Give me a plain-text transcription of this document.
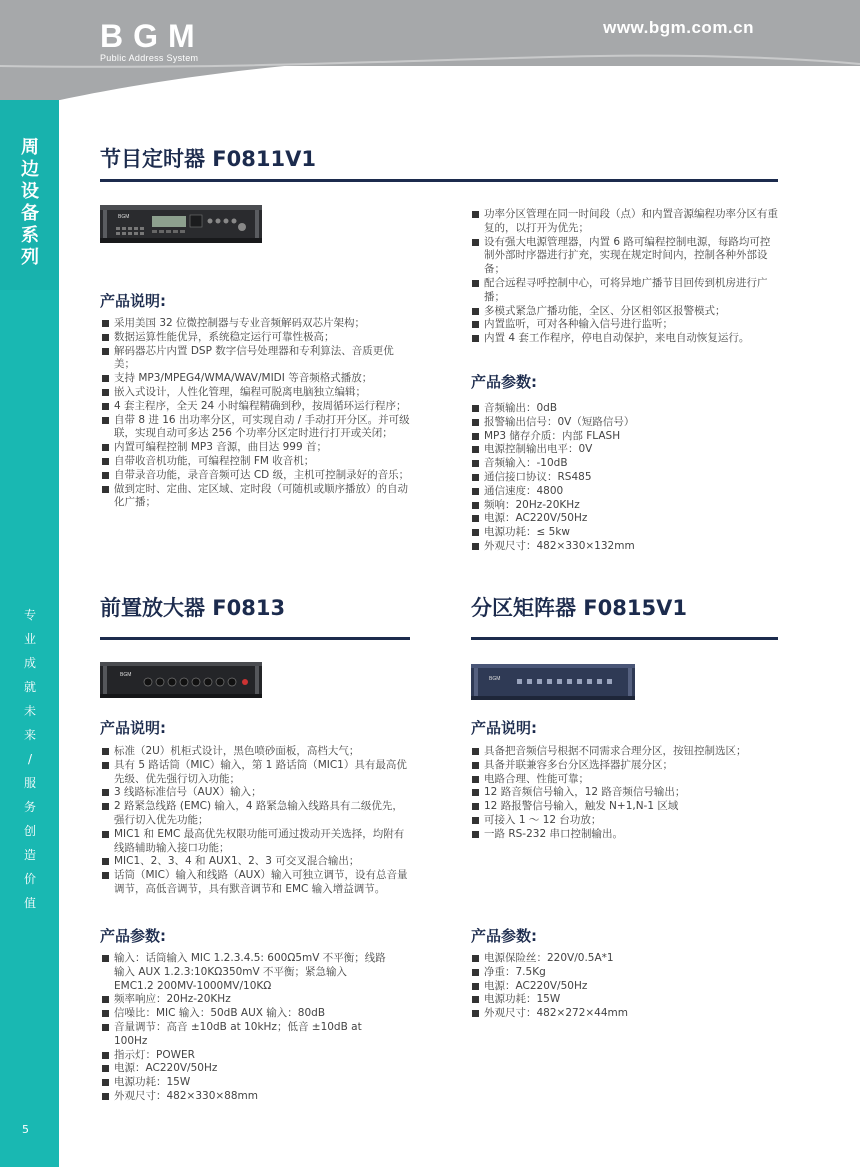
BGM
Public Address System
www.bgm.com.cn
周
边
设
备
系
列
专
业
成
就
未
来
/
服
务
创
造
价
值
5
节目定时器 F0811V1
BGM
产品说明:
采用美国 32 位微控制器与专业音频解码双芯片架构；
数据运算性能优异，系统稳定运行可靠性极高；
解码器芯片内置 DSP 数字信号处理器和专利算法、音质更优美；
支持 MP3/MPEG4/WMA/WAV/MIDI 等音频格式播放；
嵌入式设计，人性化管理，编程可脱离电脑独立编辑；
4 套主程序，全天 24 小时编程精确到秒，按周循环运行程序；
自带 8 进 16 出功率分区，可实现自动 / 手动打开分区。并可级联，实现自动可多达 256 个功率分区定时进行打开或关闭；
内置可编程控制 MP3 音源，曲目达 999 首；
自带收音机功能，可编程控制 FM 收音机；
自带录音功能，录音音频可达 CD 级，主机可控制录好的音乐；
做到定时、定曲、定区域、定时段（可随机或顺序播放）的自动化广播；
功率分区管理在同一时间段（点）和内置音源编程功率分区有重复的，以打开为优先；
设有强大电源管理器，内置 6 路可编程控制电源，每路均可控制外部时序器进行扩充，实现在规定时间内，控制各种外部设备；
配合远程寻呼控制中心，可将异地广播节目回传到机房进行广播；
多模式紧急广播功能，全区、分区相邻区报警模式；
内置监听，可对各种输入信号进行监听；
内置 4 套工作程序，停电自动保护，来电自动恢复运行。
产品参数:
音频输出：0dB
报警输出信号：0V（短路信号）
MP3 储存介质：内部 FLASH
电源控制输出电平：0V
音频输入：-10dB
通信接口协议：RS485
通信速度：4800
频响：20Hz-20KHz
电源：AC220V/50Hz
电源功耗：≤ 5kw
外观尺寸：482×330×132mm
前置放大器 F0813
BGM
产品说明:
标准（2U）机柜式设计，黑色喷砂面板，高档大气；
具有 5 路话筒（MIC）输入，第 1 路话筒（MIC1）具有最高优先级、优先强行切入功能；
3 线路标准信号（AUX）输入；
2 路紧急线路 (EMC) 输入，4 路紧急输入线路具有二级优先，强行切入优先功能；
MIC1 和 EMC 最高优先权限功能可通过拨动开关选择，均附有线路辅助输入接口功能；
MIC1、2、3、4 和 AUX1、2、3 可交叉混合输出；
话筒（MIC）输入和线路（AUX）输入可独立调节，设有总音量调节，高低音调节，具有默音调节和 EMC 输入增益调节。
产品参数:
输入：话筒输入 MIC 1.2.3.4.5: 600Ω5mV 不平衡；线路输入 AUX 1.2.3:10KΩ350mV 不平衡；紧急输入 EMC1.2 200MV-1000MV/10KΩ
频率响应：20Hz-20KHz
信噪比：MIC 输入：50dB AUX 输入：80dB
音量调节：高音 ±10dB at 10kHz；低音 ±10dB at 100Hz
指示灯：POWER
电源：AC220V/50Hz
电源功耗：15W
外观尺寸：482×330×88mm
分区矩阵器 F0815V1
BGM
产品说明:
具备把音频信号根据不同需求合理分区，按钮控制选区；
具备并联兼容多台分区选择器扩展分区；
电路合理、性能可靠；
12 路音频信号输入，12 路音频信号输出；
12 路报警信号输入，触发 N+1,N-1 区域
可接入 1 ～ 12 台功放；
一路 RS-232 串口控制输出。
产品参数:
电源保险丝：220V/0.5A*1
净重：7.5Kg
电源：AC220V/50Hz
电源功耗：15W
外观尺寸：482×272×44mm
